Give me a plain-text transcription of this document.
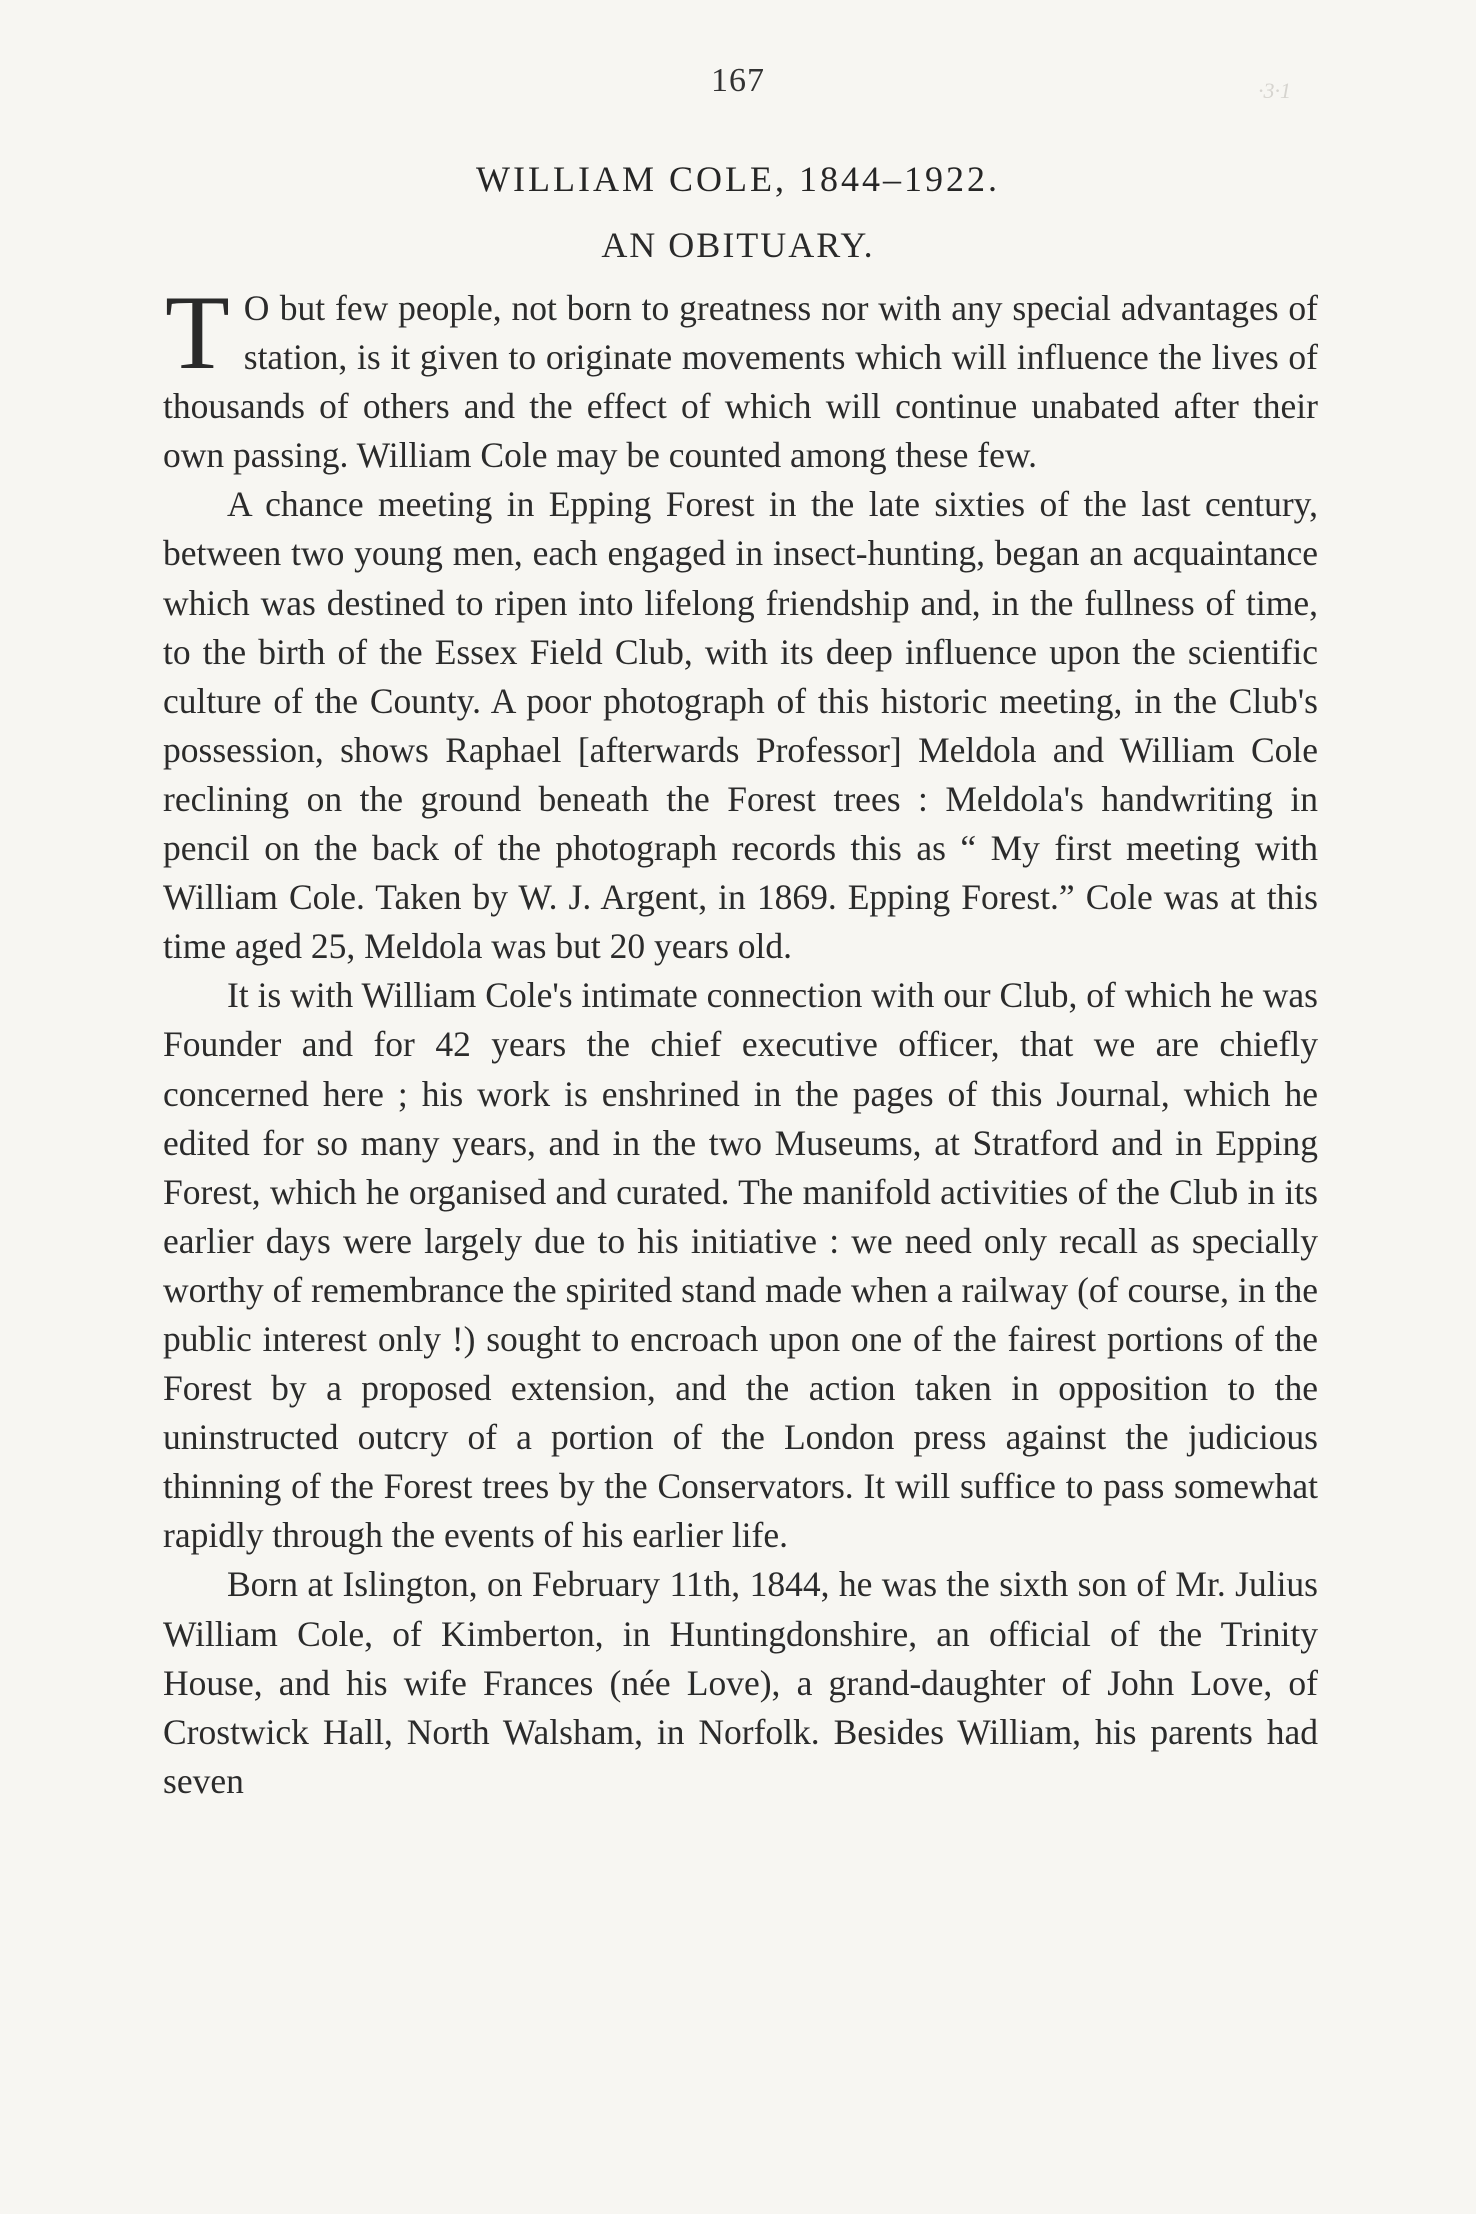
167	·3·1
WILLIAM COLE, 1844–1922.
AN OBITUARY.

T O but few people, not born to greatness nor with any special advantages of station, is it given to originate movements which will influence the lives of thousands of others and the effect of which will continue unabated after their own passing. William Cole may be counted among these few.

A chance meeting in Epping Forest in the late sixties of the last century, between two young men, each engaged in insect-hunting, began an acquaintance which was destined to ripen into lifelong friendship and, in the fullness of time, to the birth of the Essex Field Club, with its deep influence upon the scientific culture of the County. A poor photograph of this historic meeting, in the Club's possession, shows Raphael [afterwards Professor] Meldola and William Cole reclining on the ground beneath the Forest trees : Meldola's handwriting in pencil on the back of the photograph records this as “ My first meeting with William Cole. Taken by W. J. Argent, in 1869. Epping Forest.” Cole was at this time aged 25, Meldola was but 20 years old.

It is with William Cole's intimate connection with our Club, of which he was Founder and for 42 years the chief executive officer, that we are chiefly concerned here ; his work is enshrined in the pages of this Journal, which he edited for so many years, and in the two Museums, at Stratford and in Epping Forest, which he organised and curated. The manifold activities of the Club in its earlier days were largely due to his initiative : we need only recall as specially worthy of remembrance the spirited stand made when a railway (of course, in the public interest only !) sought to encroach upon one of the fairest portions of the Forest by a proposed extension, and the action taken in opposition to the uninstructed outcry of a portion of the London press against the judicious thinning of the Forest trees by the Conservators. It will suffice to pass somewhat rapidly through the events of his earlier life.

Born at Islington, on February 11th, 1844, he was the sixth son of Mr. Julius William Cole, of Kimberton, in Huntingdonshire, an official of the Trinity House, and his wife Frances (née Love), a grand-daughter of John Love, of Crostwick Hall, North Walsham, in Norfolk. Besides William, his parents had seven
